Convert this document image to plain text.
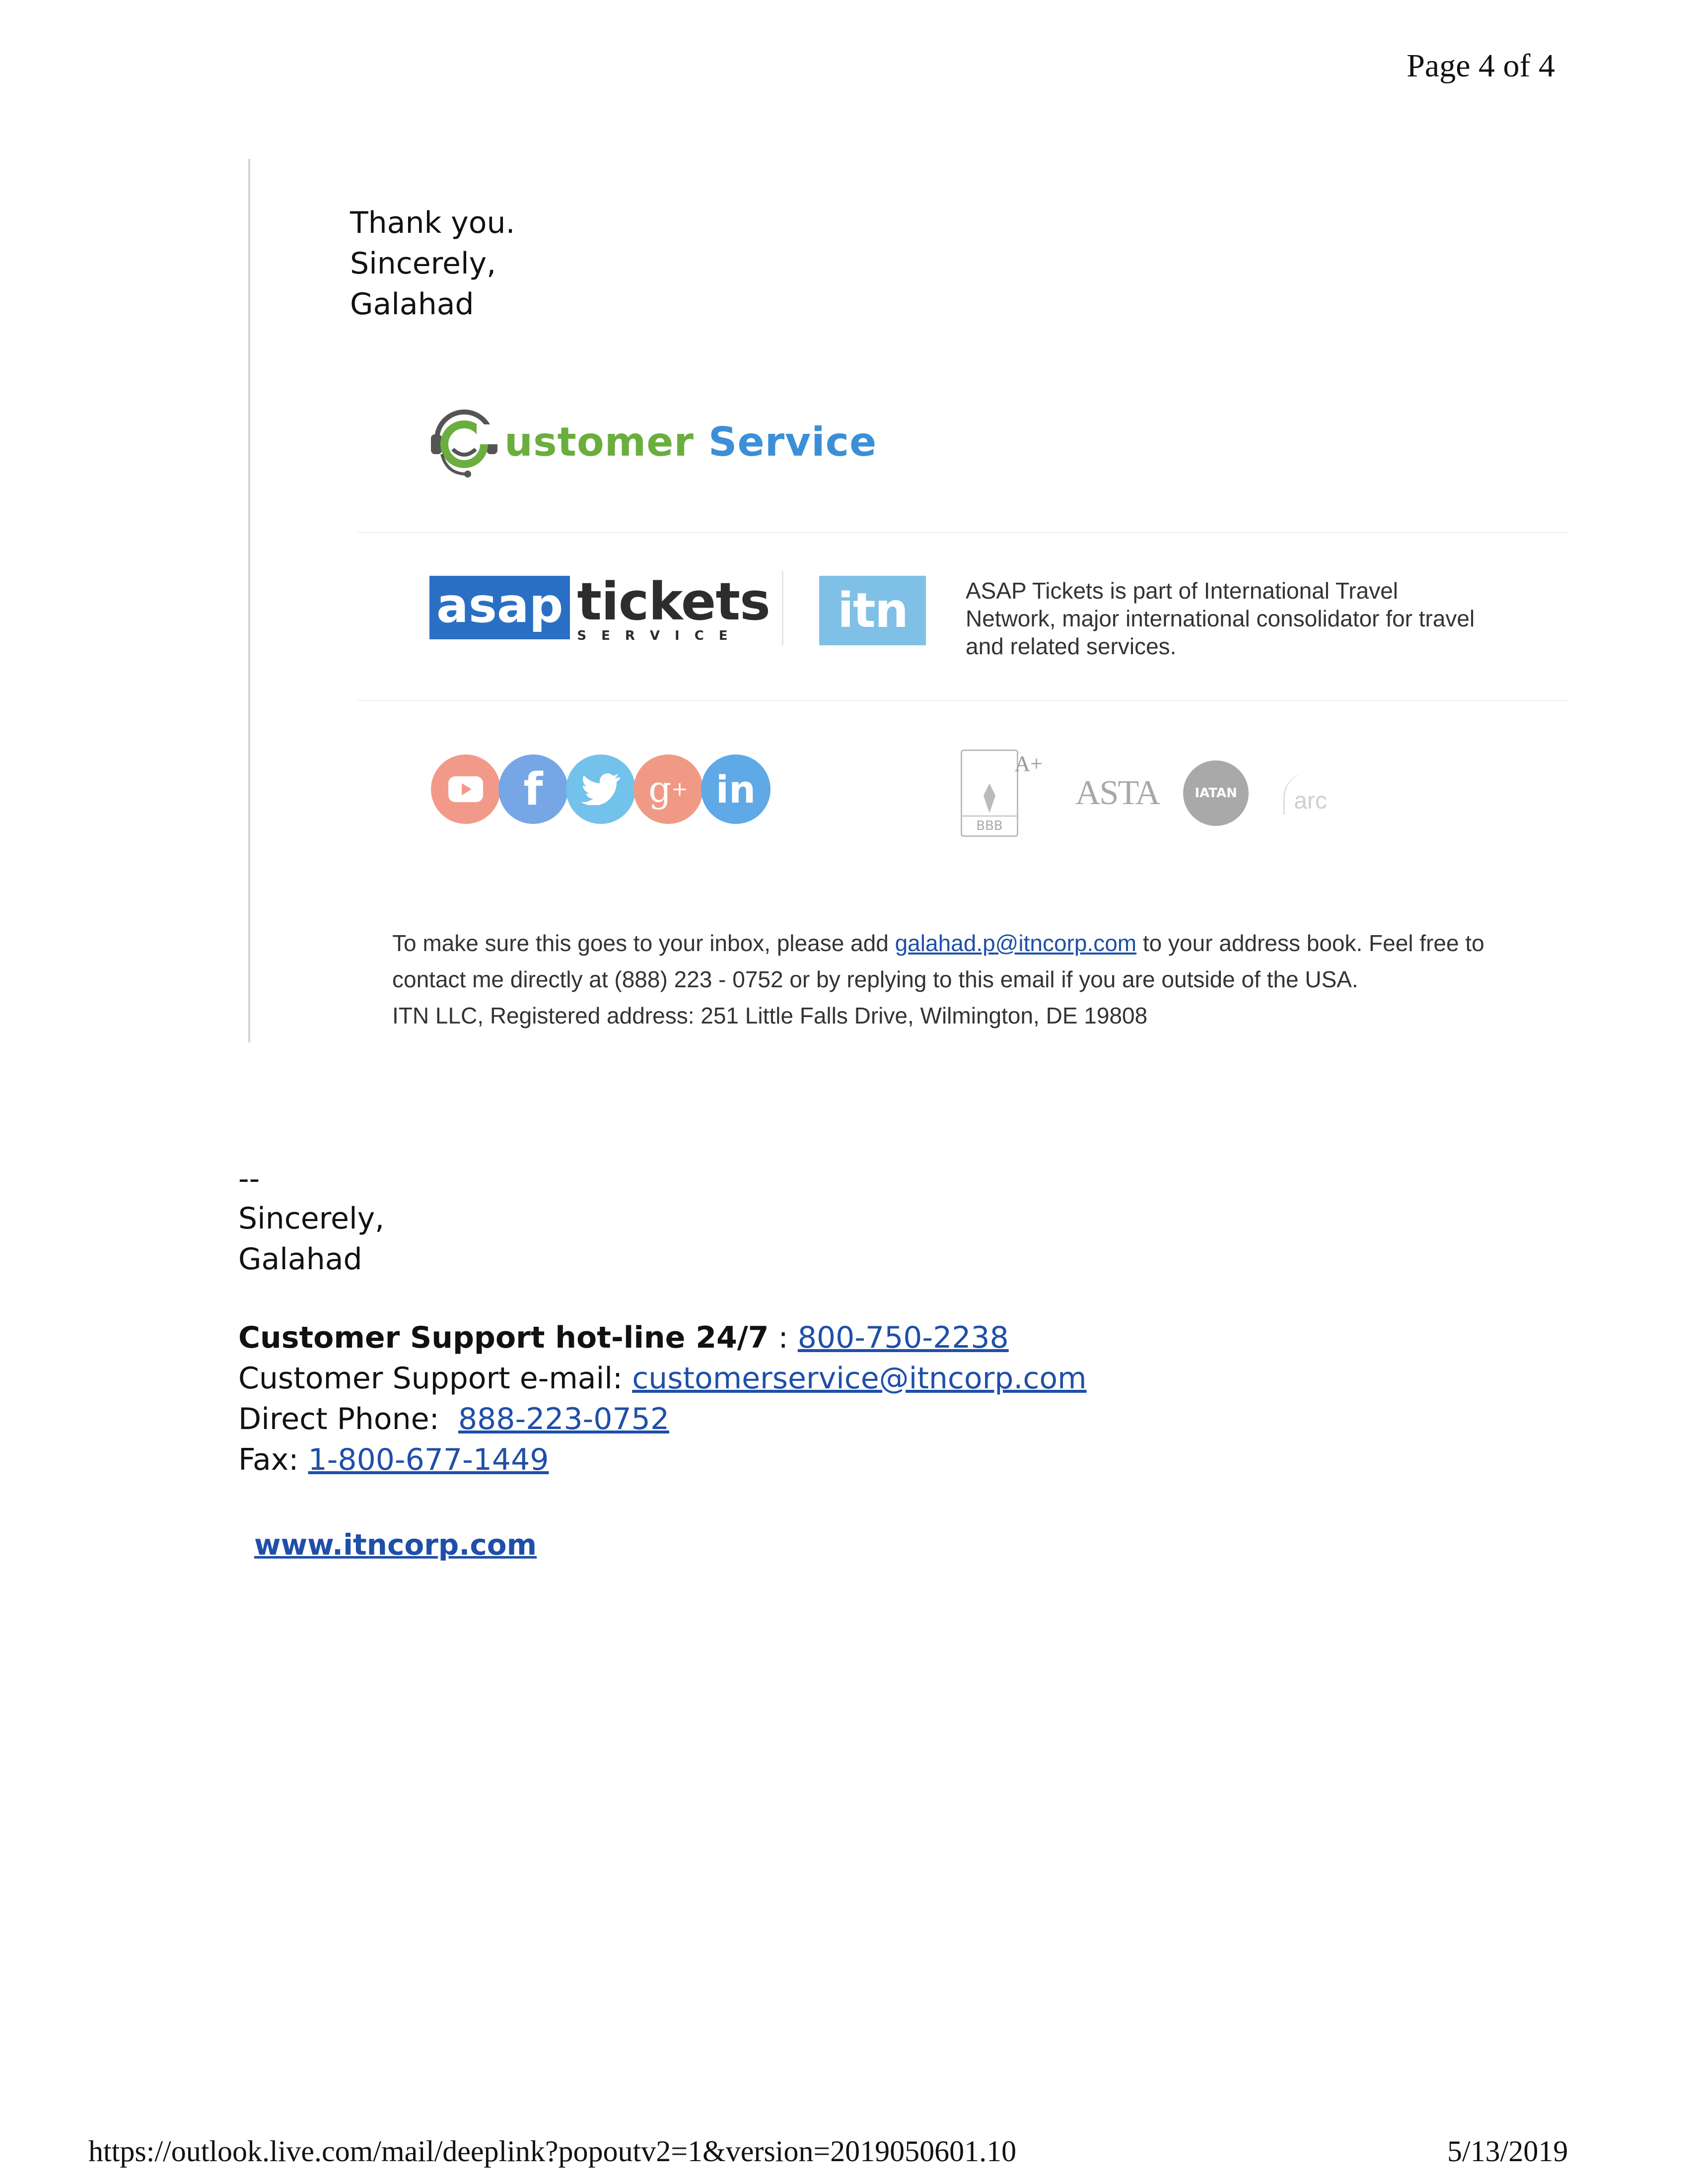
Page 4 of 4
Thank you.
Sincerely,
Galahad
ustomer Service
asap tickets
SERVICE	itn	ASAP Tickets is part of International Travel Network, major international consolidator for travel and related services.
f	g + in
A+
BBB
ASTA	IATAN	arc
To make sure this goes to your inbox, please add galahad.p@itncorp.com to your address book. Feel free to contact me directly at (888) 223 - 0752 or by replying to this email if you are outside of the USA.
ITN LLC, Registered address: 251 Little Falls Drive, Wilmington, DE 19808
--
Sincerely,
Galahad
Customer Support hot-line 24/7 : 800-750-2238
Customer Support e-mail: customerservice@itncorp.com
Direct Phone:  888-223-0752
Fax: 1-800-677-1449
www.itncorp.com
https://outlook.live.com/mail/deeplink?popoutv2=1&version=2019050601.10	5/13/2019
